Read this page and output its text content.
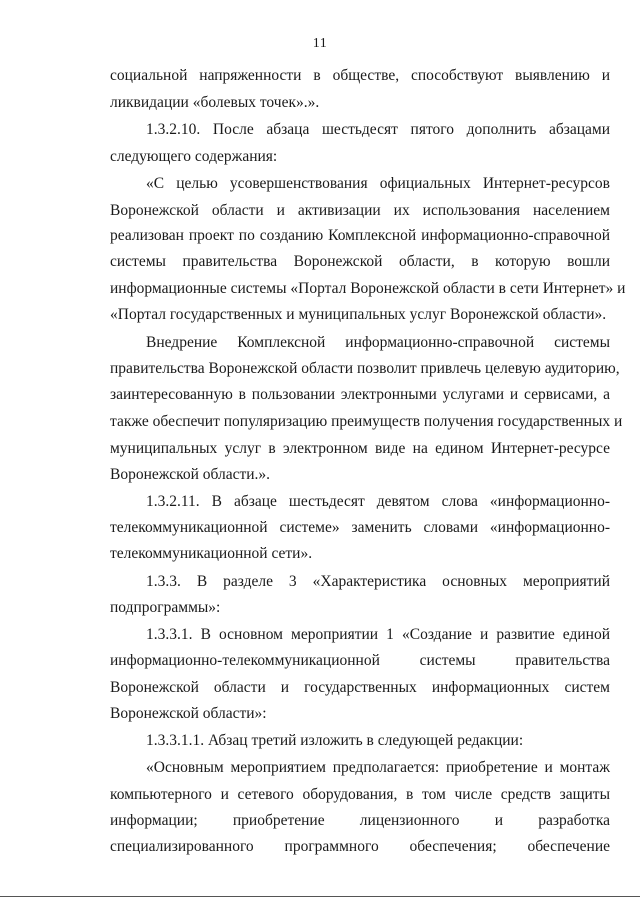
11
социальной напряженности в обществе, способствуют выявлению и
ликвидации «болевых точек».».
1.3.2.10. После абзаца шестьдесят пятого дополнить абзацами
следующего содержания:
«С целью усовершенствования официальных Интернет-ресурсов
Воронежской области и активизации их использования населением
реализован проект по созданию Комплексной информационно-справочной
системы правительства Воронежской области, в которую вошли
информационные системы «Портал Воронежской области в сети Интернет» и
«Портал государственных и муниципальных услуг Воронежской области».
Внедрение Комплексной информационно-справочной системы
правительства Воронежской области позволит привлечь целевую аудиторию,
заинтересованную в пользовании электронными услугами и сервисами, а
также обеспечит популяризацию преимуществ получения государственных и
муниципальных услуг в электронном виде на едином Интернет-ресурсе
Воронежской области.».
1.3.2.11. В абзаце шестьдесят девятом слова «информационно-
телекоммуникационной системе» заменить словами «информационно-
телекоммуникационной сети».
1.3.3. В разделе 3 «Характеристика основных мероприятий
подпрограммы»:
1.3.3.1. В основном мероприятии 1 «Создание и развитие единой
информационно-телекоммуникационной системы правительства
Воронежской области и государственных информационных систем
Воронежской области»:
1.3.3.1.1. Абзац третий изложить в следующей редакции:
«Основным мероприятием предполагается: приобретение и монтаж
компьютерного и сетевого оборудования, в том числе средств защиты
информации; приобретение лицензионного и разработка
специализированного программного обеспечения; обеспечение
